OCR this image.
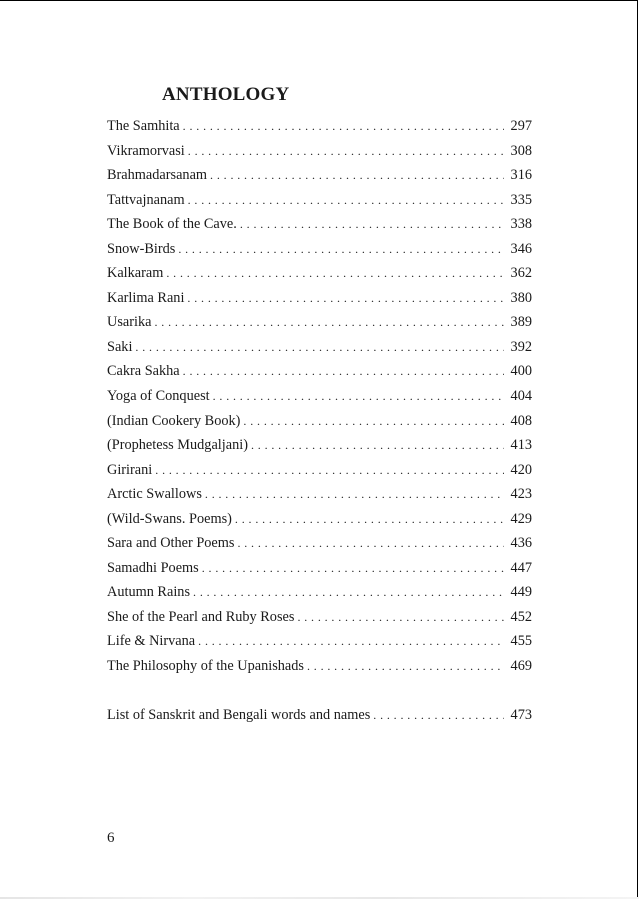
ANTHOLOGY
The Samhita . . .	297
Vikramorvasi . . .	308
Brahmadarsanam . . .	316
Tattvajnanam . . .	335
The Book of the Cave. . . .	338
Snow-Birds . . .	346
Kalkaram . . .	362
Karlima Rani . . .	380
Usarika . . .	389
Saki . . .	392
Cakra Sakha . . .	400
Yoga of Conquest . . .	404
(Indian Cookery Book) . . .	408
(Prophetess Mudgaljani) . . .	413
Girirani . . .	420
Arctic Swallows . . .	423
(Wild-Swans. Poems) . . .	429
Sara and Other Poems . . .	436
Samadhi Poems . . .	447
Autumn Rains . . .	449
She of the Pearl and Ruby Roses . . .	452
Life & Nirvana . . .	455
The Philosophy of the Upanishads . . .	469
List of Sanskrit and Bengali words and names . . .	473

6
